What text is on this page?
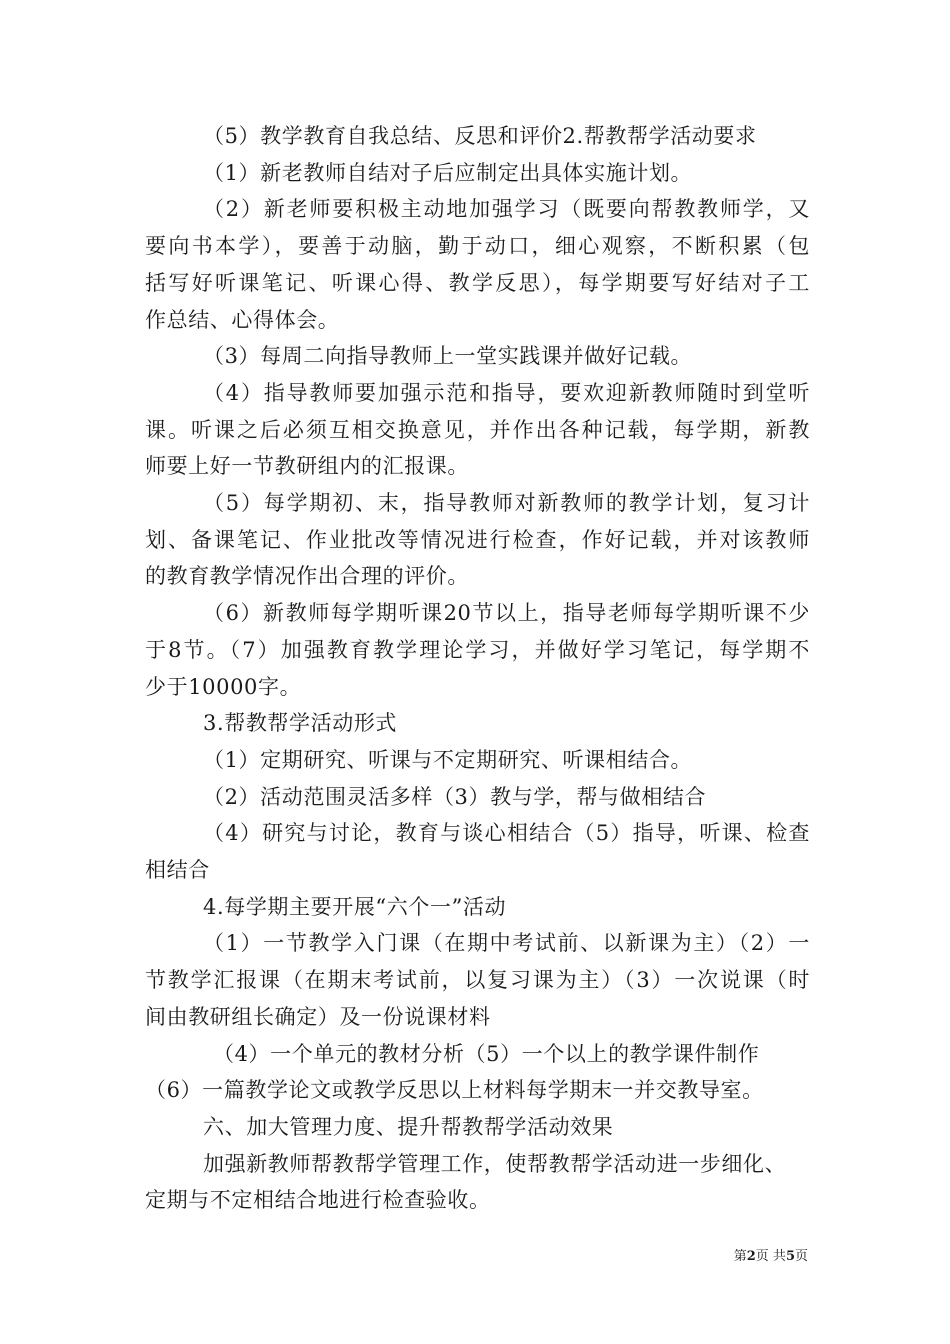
（5）教学教育自我总结、反思和评价2.帮教帮学活动要求

（1）新老教师自结对子后应制定出具体实施计划。

（2）新老师要积极主动地加强学习（既要向帮教教师学，又

要向书本学），要善于动脑，勤于动口，细心观察，不断积累（包

括写好听课笔记、听课心得、教学反思），每学期要写好结对子工

作总结、心得体会。

（3）每周二向指导教师上一堂实践课并做好记载。

（4）指导教师要加强示范和指导，要欢迎新教师随时到堂听

课。听课之后必须互相交换意见，并作出各种记载，每学期，新教

师要上好一节教研组内的汇报课。

（5）每学期初、末，指导教师对新教师的教学计划，复习计

划、备课笔记、作业批改等情况进行检查，作好记载，并对该教师

的教育教学情况作出合理的评价。

（6）新教师每学期听课20节以上，指导老师每学期听课不少

于8节。（7）加强教育教学理论学习，并做好学习笔记，每学期不

少于10000字。

3.帮教帮学活动形式

（1）定期研究、听课与不定期研究、听课相结合。

（2）活动范围灵活多样（3）教与学，帮与做相结合

（4）研究与讨论，教育与谈心相结合（5）指导，听课、检查

相结合

4.每学期主要开展“六个一”活动

（1）一节教学入门课（在期中考试前、以新课为主）（2）一

节教学汇报课（在期末考试前，以复习课为主）（3）一次说课（时

间由教研组长确定）及一份说课材料

（4）一个单元的教材分析（5）一个以上的教学课件制作

（6）一篇教学论文或教学反思以上材料每学期末一并交教导室。

六、加大管理力度、提升帮教帮学活动效果

加强新教师帮教帮学管理工作，使帮教帮学活动进一步细化、

定期与不定相结合地进行检查验收。

第2页 共5页
